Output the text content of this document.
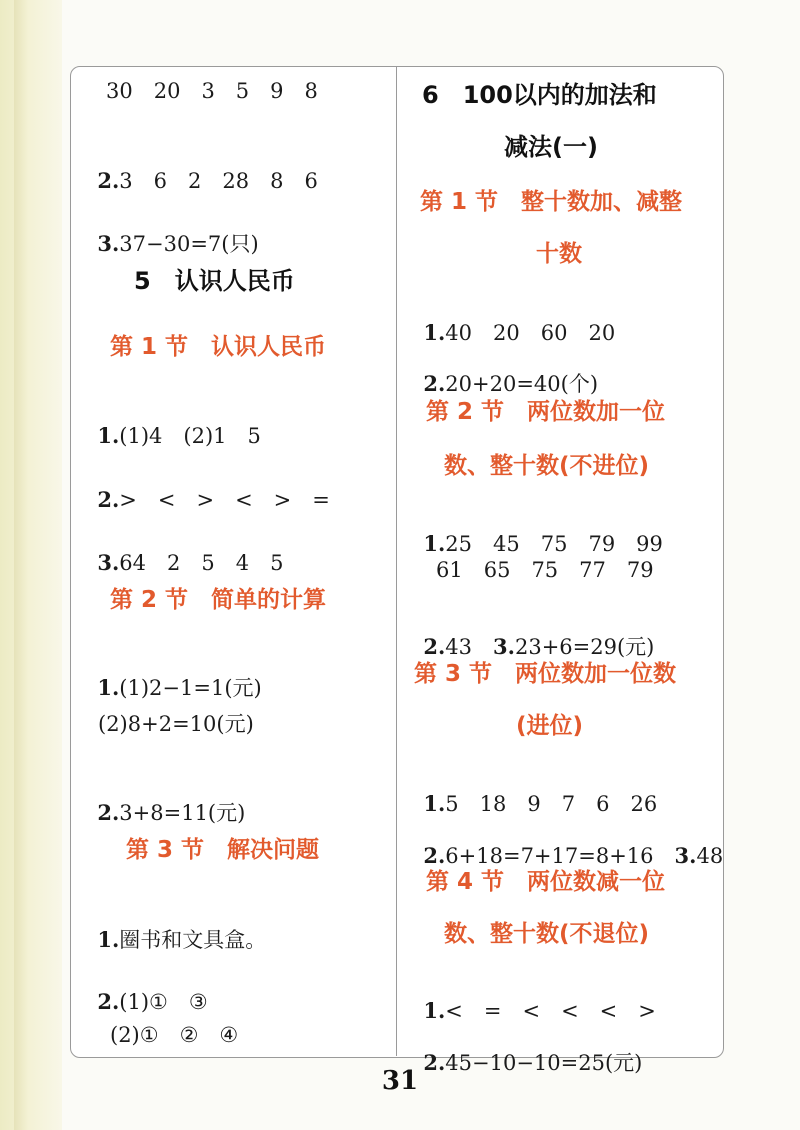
30　20　3　5　9　8

2.3　6　2　28　8　6

3.37−30=7(只)

5　认识人民币
第 1 节　认识人民币

1.(1)4　(2)1　5

2.>　<　>　<　>　=

3.64　2　5　4　5

第 2 节　简单的计算

1.(1)2−1=1(元)

(2)8+2=10(元)

2.3+8=11(元)

第 3 节　解决问题

1.圈书和文具盒。

2.(1)①　③

(2)①　②　④
6　100以内的加法和
减法(一)
第 1 节　整十数加、减整
十数

1.40　20　60　20

2.20+20=40(个)

第 2 节　两位数加一位
数、整十数(不进位)

1.25　45　75　79　99

61　65　75　77　79

2.43　 3.23+6=29(元)

第 3 节　两位数加一位数
(进位)

1.5　18　9　7　6　26

2.6+18=7+17=8+16　 3.48

第 4 节　两位数减一位
数、整十数(不退位)

1.<　=　<　<　<　>

2.45−10−10=25(元)

31
